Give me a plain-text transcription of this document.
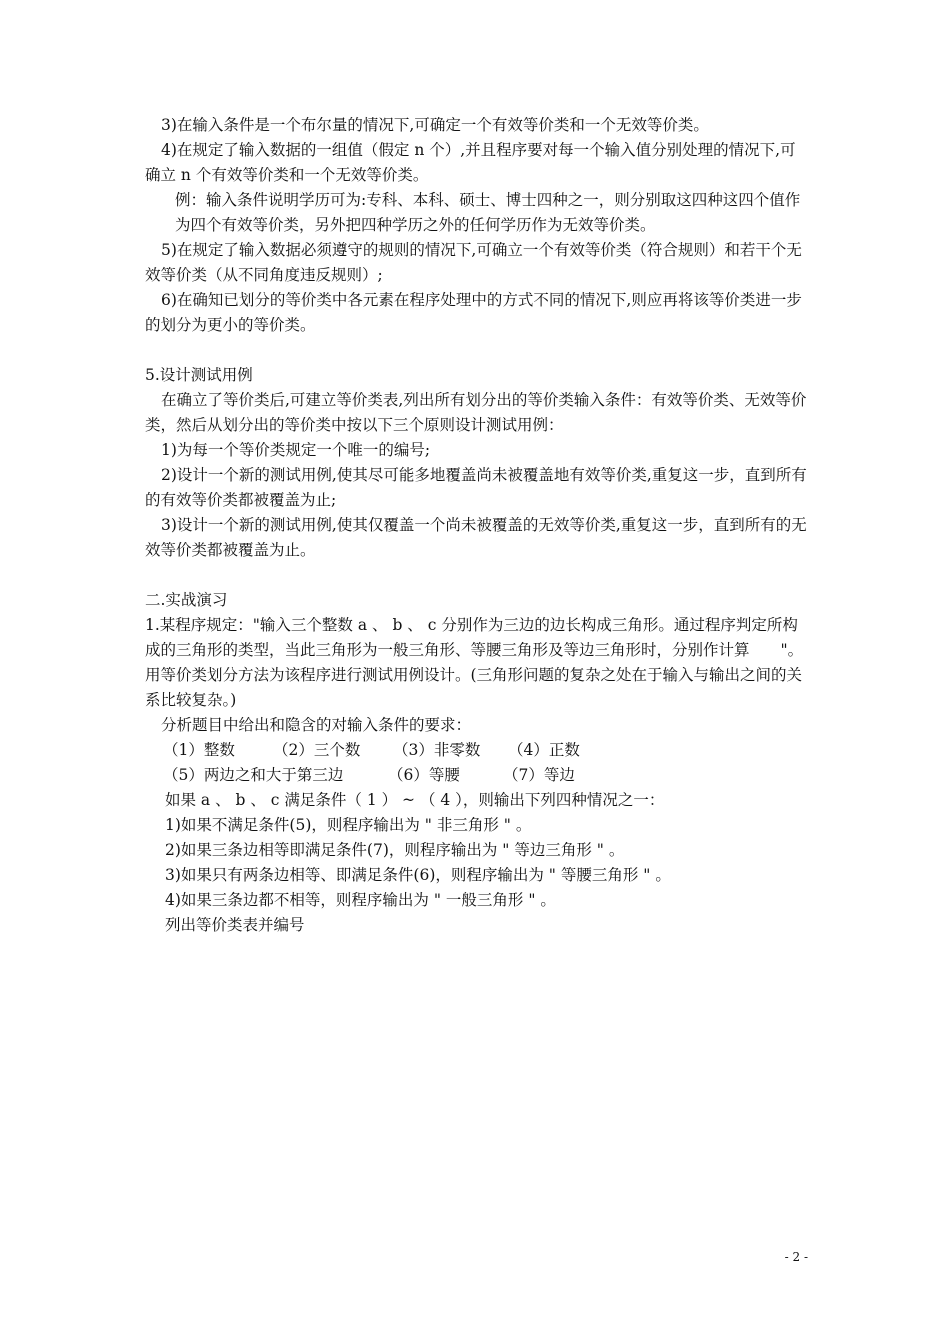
3)在输入条件是一个布尔量的情况下,可确定一个有效等价类和一个无效等价类。

4)在规定了输入数据的一组值（假定 n 个）,并且程序要对每一个输入值分别处理的情况下,可确立 n 个有效等价类和一个无效等价类。

例：输入条件说明学历可为:专科、本科、硕士、博士四种之一，则分别取这四种这四个值作为四个有效等价类，另外把四种学历之外的任何学历作为无效等价类。

5)在规定了输入数据必须遵守的规则的情况下,可确立一个有效等价类（符合规则）和若干个无效等价类（从不同角度违反规则）;

6)在确知已划分的等价类中各元素在程序处理中的方式不同的情况下,则应再将该等价类进一步的划分为更小的等价类。

5.设计测试用例

在确立了等价类后,可建立等价类表,列出所有划分出的等价类输入条件：有效等价类、无效等价类，然后从划分出的等价类中按以下三个原则设计测试用例：

1)为每一个等价类规定一个唯一的编号;

2)设计一个新的测试用例,使其尽可能多地覆盖尚未被覆盖地有效等价类,重复这一步，直到所有的有效等价类都被覆盖为止;

3)设计一个新的测试用例,使其仅覆盖一个尚未被覆盖的无效等价类,重复这一步，直到所有的无效等价类都被覆盖为止。

二.实战演习

1.某程序规定："输入三个整数 a 、 b 、 c 分别作为三边的边长构成三角形。通过程序判定所构成的三角形的类型，当此三角形为一般三角形、等腰三角形及等边三角形时，分别作计算　　"。用等价类划分方法为该程序进行测试用例设计。(三角形问题的复杂之处在于输入与输出之间的关系比较复杂。)

分析题目中给出和隐含的对输入条件的要求：

（1）整数	（2）三个数	（3）非零数	（4）正数
（5）两边之和大于第三边	（6）等腰	（7）等边

如果 a 、 b 、 c 满足条件（ 1 ） ~ （ 4 ），则输出下列四种情况之一：

1)如果不满足条件(5)，则程序输出为 " 非三角形 " 。

2)如果三条边相等即满足条件(7)，则程序输出为 " 等边三角形 " 。

3)如果只有两条边相等、即满足条件(6)，则程序输出为 " 等腰三角形 " 。

4)如果三条边都不相等，则程序输出为 " 一般三角形 " 。

列出等价类表并编号

- 2 -
